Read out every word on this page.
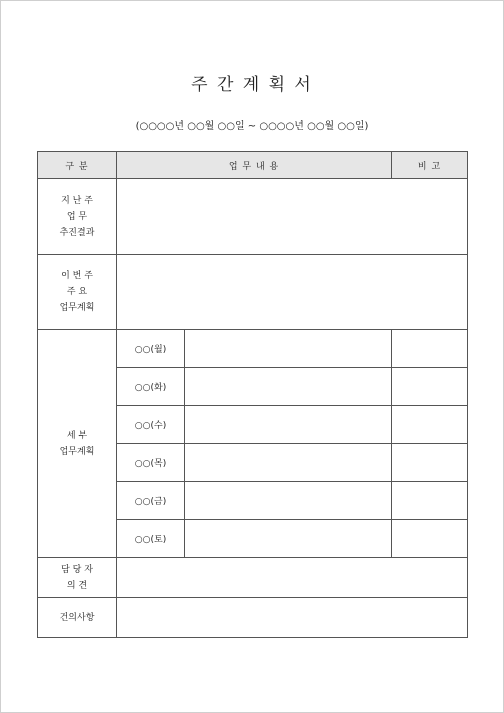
주 간 계 획 서
(○○○○년 ○○월 ○○일 ~ ○○○○년 ○○월 ○○일)
구 분	업 무 내 용		비 고

지 난 주
업 무
추진결과			

이 번 주
주 요
업무계획			

세 부
업무계획	○○(월)		
	○○(화)		
	○○(수)		
	○○(목)		
	○○(금)		
	○○(토)		

담 당 자
의 견			

건의사항			
